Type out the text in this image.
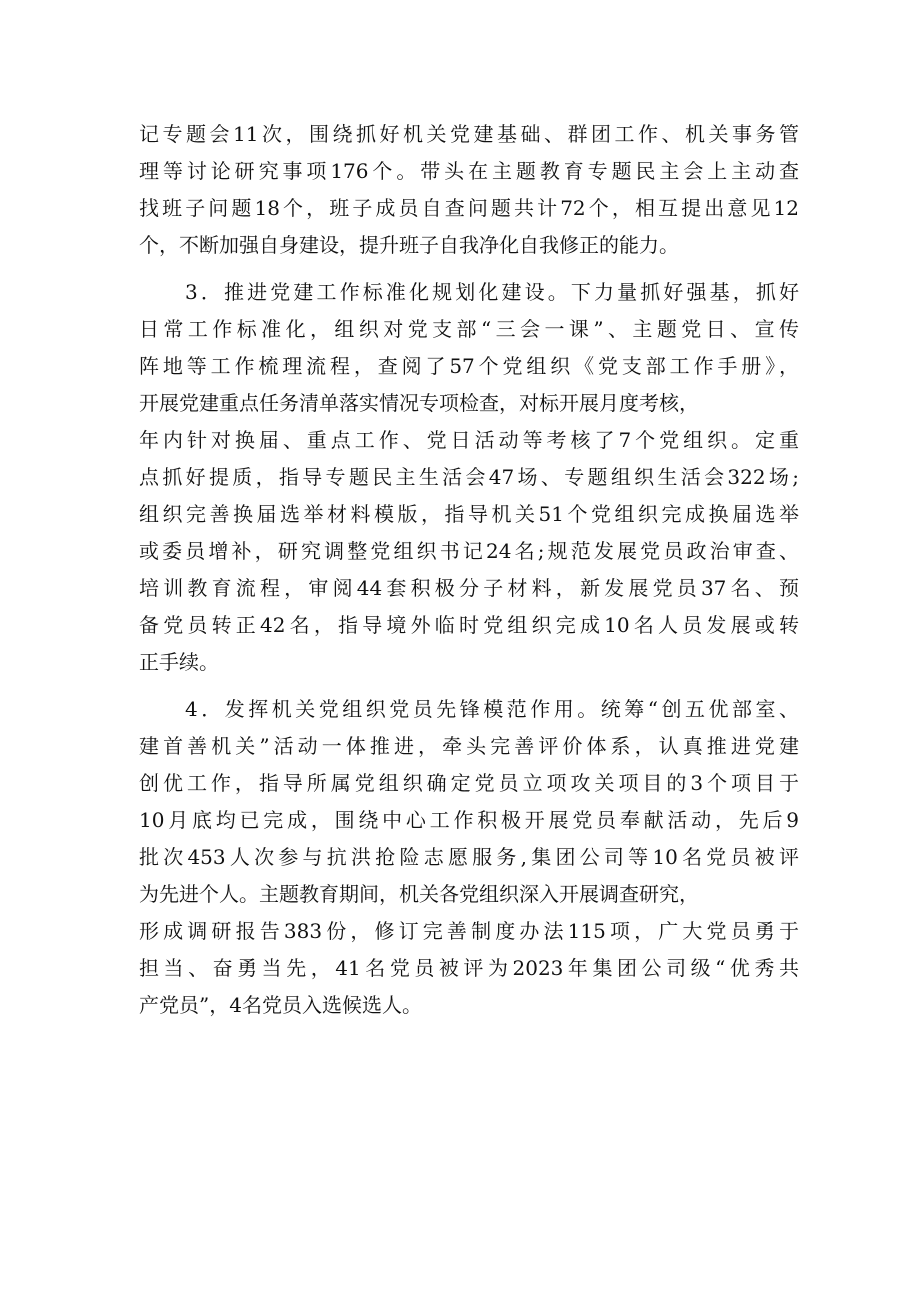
记专题会11次，围绕抓好机关党建基础、群团工作、机关事务管
理等讨论研究事项176个。带头在主题教育专题民主会上主动查
找班子问题18个，班子成员自查问题共计72个，相互提出意见12
个，不断加强自身建设，提升班子自我净化自我修正的能力。
3．推进党建工作标准化规划化建设。下力量抓好强基，抓好
日常工作标准化，组织对党支部“三会一课”、主题党日、宣传
阵地等工作梳理流程，查阅了57个党组织《党支部工作手册》，
开展党建重点任务清单落实情况专项检查，对标开展月度考核，
年内针对换届、重点工作、党日活动等考核了7个党组织。定重
点抓好提质，指导专题民主生活会47场、专题组织生活会322场;
组织完善换届选举材料模版，指导机关51个党组织完成换届选举
或委员增补，研究调整党组织书记24名;规范发展党员政治审查、
培训教育流程，审阅44套积极分子材料，新发展党员37名、预
备党员转正42名，指导境外临时党组织完成10名人员发展或转
正手续。
4．发挥机关党组织党员先锋模范作用。统筹“创五优部室、
建首善机关”活动一体推进，牵头完善评价体系，认真推进党建
创优工作，指导所属党组织确定党员立项攻关项目的3个项目于
10月底均已完成，围绕中心工作积极开展党员奉献活动，先后9
批次453人次参与抗洪抢险志愿服务,集团公司等10名党员被评
为先进个人。主题教育期间，机关各党组织深入开展调查研究，
形成调研报告383份，修订完善制度办法115项，广大党员勇于
担当、奋勇当先，41名党员被评为2023年集团公司级“优秀共
产党员”，4名党员入选候选人。
